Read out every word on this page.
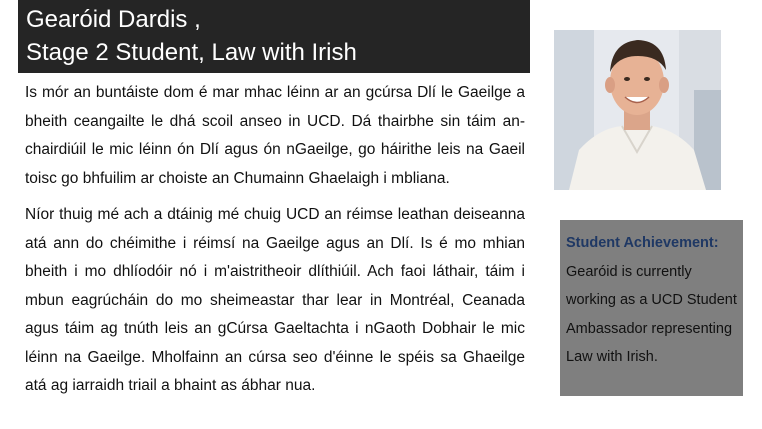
Gearóid Dardis ,
Stage 2 Student, Law with Irish

Is mór an buntáiste dom é mar mhac léinn ar an gcúrsa Dlí le Gaeilge a bheith ceangailte le dhá scoil anseo in UCD. Dá thairbhe sin táim an-chairdiúil le mic léinn ón Dlí agus ón nGaeilge, go háirithe leis na Gaeil toisc go bhfuilim ar choiste an Chumainn Ghaelaigh i mbliana.

Níor thuig mé ach a dtáinig mé chuig UCD an réimse leathan deiseanna atá ann do chéimithe i réimsí na Gaeilge agus an Dlí. Is é mo mhian bheith i mo dhlíodóir nó i m'aistritheoir dlíthiúil. Ach faoi láthair, táim i mbun eagrúcháin do mo sheimeastar thar lear in Montréal, Ceanada agus táim ag tnúth leis an gCúrsa Gaeltachta i nGaoth Dobhair le mic léinn na Gaeilge. Mholfainn an cúrsa seo d'éinne le spéis sa Ghaeilge atá ag iarraidh triail a bhaint as ábhar nua.

Student Achievement:

Gearóid is currently working as a UCD Student Ambassador representing Law with Irish.
